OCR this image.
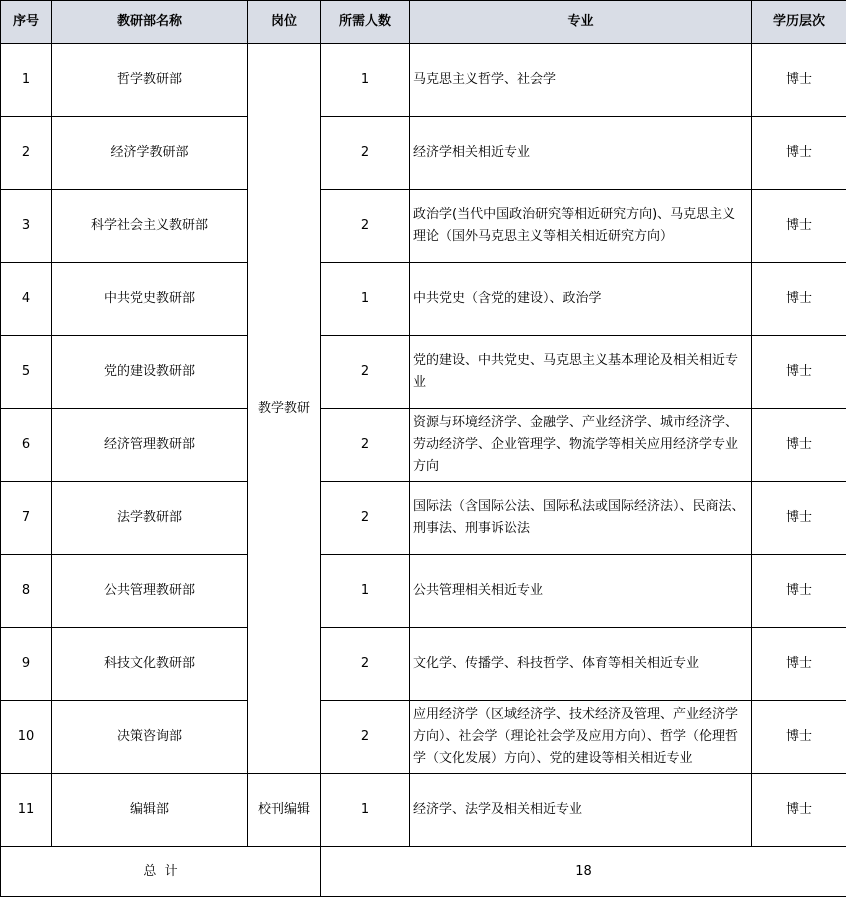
序号	教研部名称	岗位	所需人数	专业	学历层次
1	哲学教研部	教学教研	1	马克思主义哲学、社会学	博士
2	经济学教研部		2	经济学相关相近专业	博士
3	科学社会主义教研部		2	政治学(当代中国政治研究等相近研究方向)、马克思主义理论（国外马克思主义等相关相近研究方向）	博士
4	中共党史教研部		1	中共党史（含党的建设）、政治学	博士
5	党的建设教研部		2	党的建设、中共党史、马克思主义基本理论及相关相近专业	博士
6	经济管理教研部		2	资源与环境经济学、金融学、产业经济学、城市经济学、劳动经济学、企业管理学、物流学等相关应用经济学专业方向	博士
7	法学教研部		2	国际法（含国际公法、国际私法或国际经济法）、民商法、刑事法、刑事诉讼法	博士
8	公共管理教研部		1	公共管理相关相近专业	博士
9	科技文化教研部		2	文化学、传播学、科技哲学、体育等相关相近专业	博士
10	决策咨询部		2	应用经济学（区域经济学、技术经济及管理、产业经济学方向）、社会学（理论社会学及应用方向）、哲学（伦理哲学（文化发展）方向）、党的建设等相关相近专业	博士
11	编辑部	校刊编辑	1	经济学、法学及相关相近专业	博士
总  计			18		
